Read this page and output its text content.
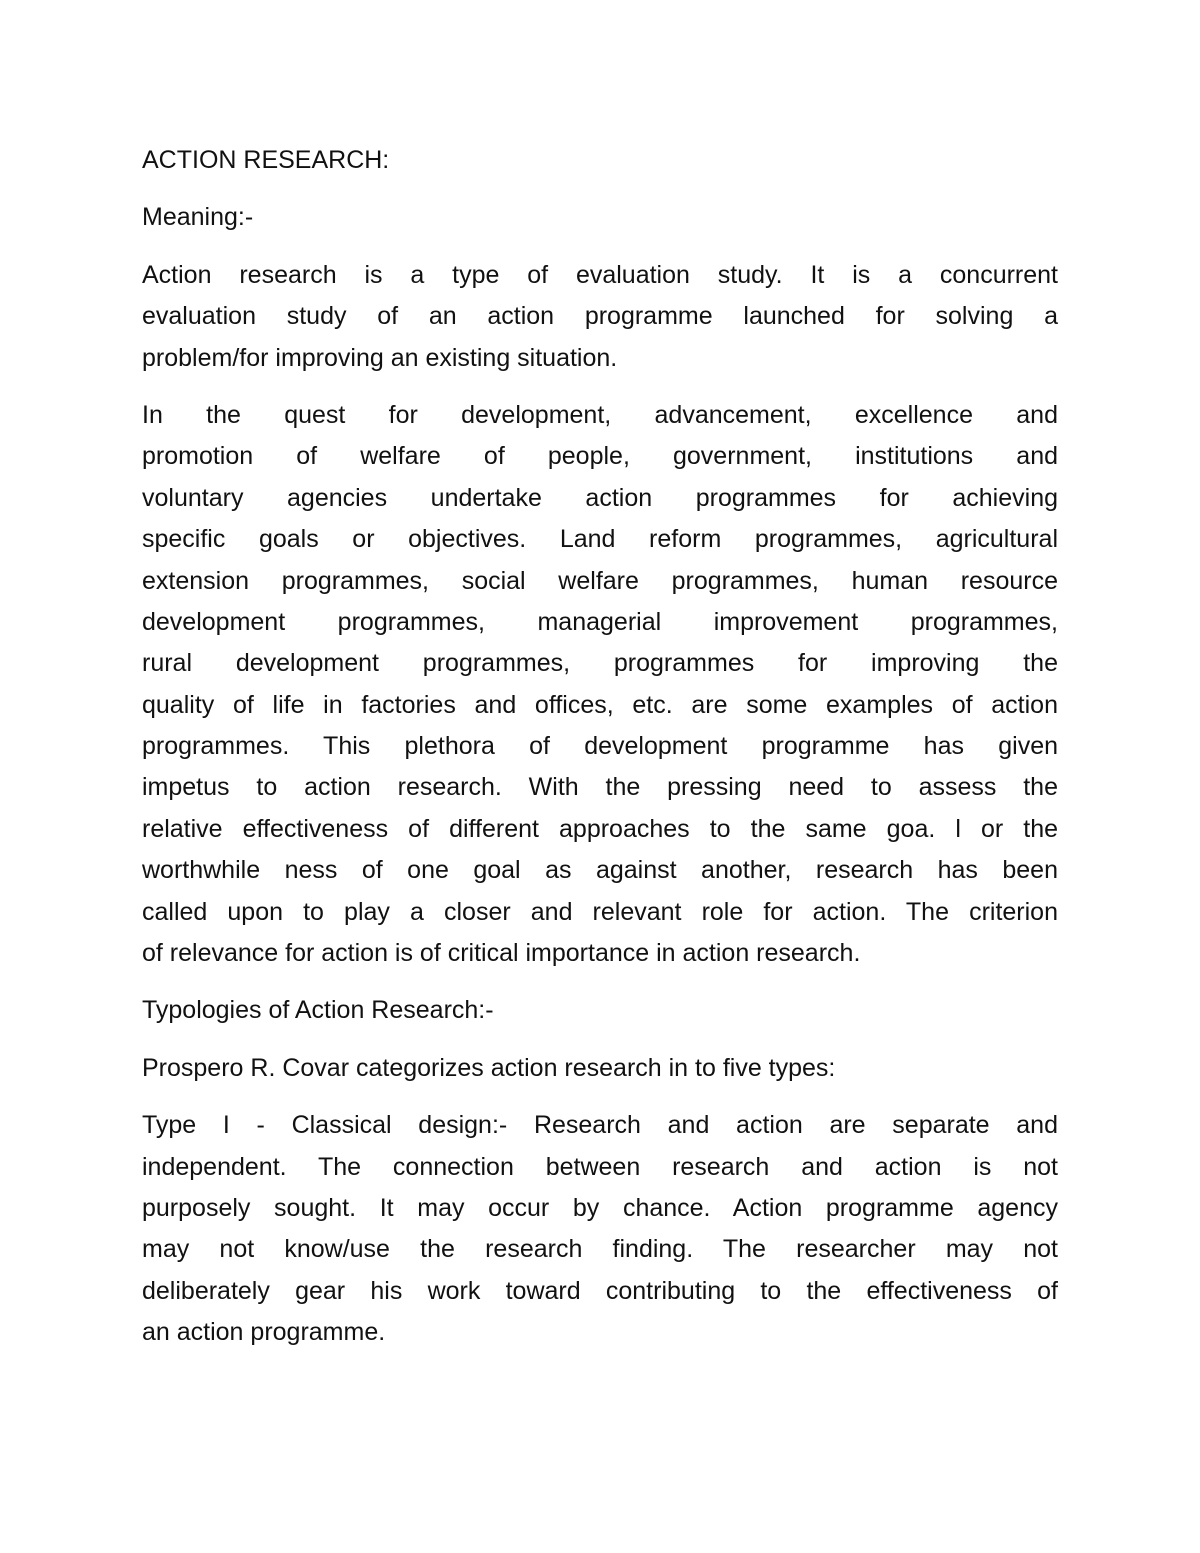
ACTION RESEARCH:
Meaning:-
Action research is a type of evaluation study. It is a concurrent
evaluation study of an action programme launched for solving a
problem/for improving an existing situation.
In the quest for development, advancement, excellence and
promotion of welfare of people, government, institutions and
voluntary agencies undertake action programmes for achieving
specific goals or objectives. Land reform programmes, agricultural
extension programmes, social welfare programmes, human resource
development programmes, managerial improvement programmes,
rural development programmes, programmes for improving the
quality of life in factories and offices, etc. are some examples of action
programmes. This plethora of development programme has given
impetus to action research. With the pressing need to assess the
relative effectiveness of different approaches to the same goa. l or the
worthwhile ness of one goal as against another, research has been
called upon to play a closer and relevant role for action. The criterion
of relevance for action is of critical importance in action research.
Typologies of Action Research:-
Prospero R. Covar categorizes action research in to five types:
Type I - Classical design:- Research and action are separate and
independent. The connection between research and action is not
purposely sought. It may occur by chance. Action programme agency
may not know/use the research finding. The researcher may not
deliberately gear his work toward contributing to the effectiveness of
an action programme.
